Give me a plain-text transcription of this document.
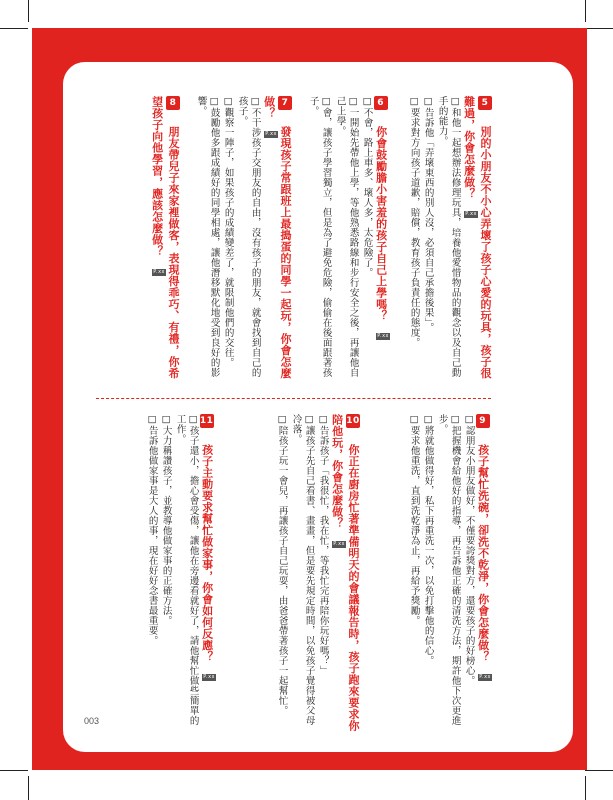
5 別的小朋友不小心弄壞了孩子心愛的玩具，孩子很難過，你會怎麼做？ P.xx
□和他一起想辦法修理玩具，培養他愛惜物品的觀念以及自己動手的能力。
□告訴他「弄壞東西的別人沒，必須自己承擔後果」。
□要求對方向孩子道歉，賠償，教育孩子負責任的態度。
6 你會鼓勵膽小害羞的孩子自己上學嗎？ P.xx
□不會，路上車多、壞人多，太危險了。
□一開始先帶他上學，等他熟悉路線和步行安全之後，再讓他自己上學。
□會，讓孩子學習獨立，但是為了避免危險，偷偷在後面跟著孩子。
7 發現孩子常跟班上最搗蛋的同學一起玩，你會怎麼做？ P.xx
□不干涉孩子交朋友的自由，沒有孩子的朋友，就會找到自己的孩子。
□觀察一陣子，如果孩子的成績變差了，就限制他們的交往。
□鼓勵他多跟成績好的同學相處，讓他潛移默化地受到良好的影響。
8 朋友帶兒子來家裡做客，表現得乖巧、有禮，你希望孩子向他學習，應該怎麼做？ P.xx
9 孩子幫忙洗碗，卻洗不乾淨，你會怎麼做？ P.xx
□認朋友小朋友做好，不僅要誇獎對方，還要孩子的好榜心。
□把握機會給他好的指導，再告訴他正確的清洗方法，期許他下次更進步。
□將就他做得好，私下再重洗一次，以免打擊他的信心。
□要求他重洗，直到洗乾淨為止，再給予獎勵。
10 你正在廚房忙著準備明天的會議報告時，孩子跑來要求你陪他玩，你會怎麼做？ P.xx
□告訴孩子「我很忙，我在忙，等我忙完再陪你玩好嗎？」
□讓孩子先自己看書、畫畫，但是要先規定時間，以免孩子覺得被父母冷落。
□陪孩子玩一會兒，再讓孩子自己玩耍，由爸爸帶著孩子一起幫忙。
11 孩子主動要求幫忙做家事，你會如何反應？ P.xx
□孩子還小，擔心會受傷，讓他在旁邊看就好了，請他幫忙做些簡單的工作。
□大力稱讚孩子，並教導他做家事的正確方法。
□告訴他做家事是大人的事，現在好好念書最重要。
003
